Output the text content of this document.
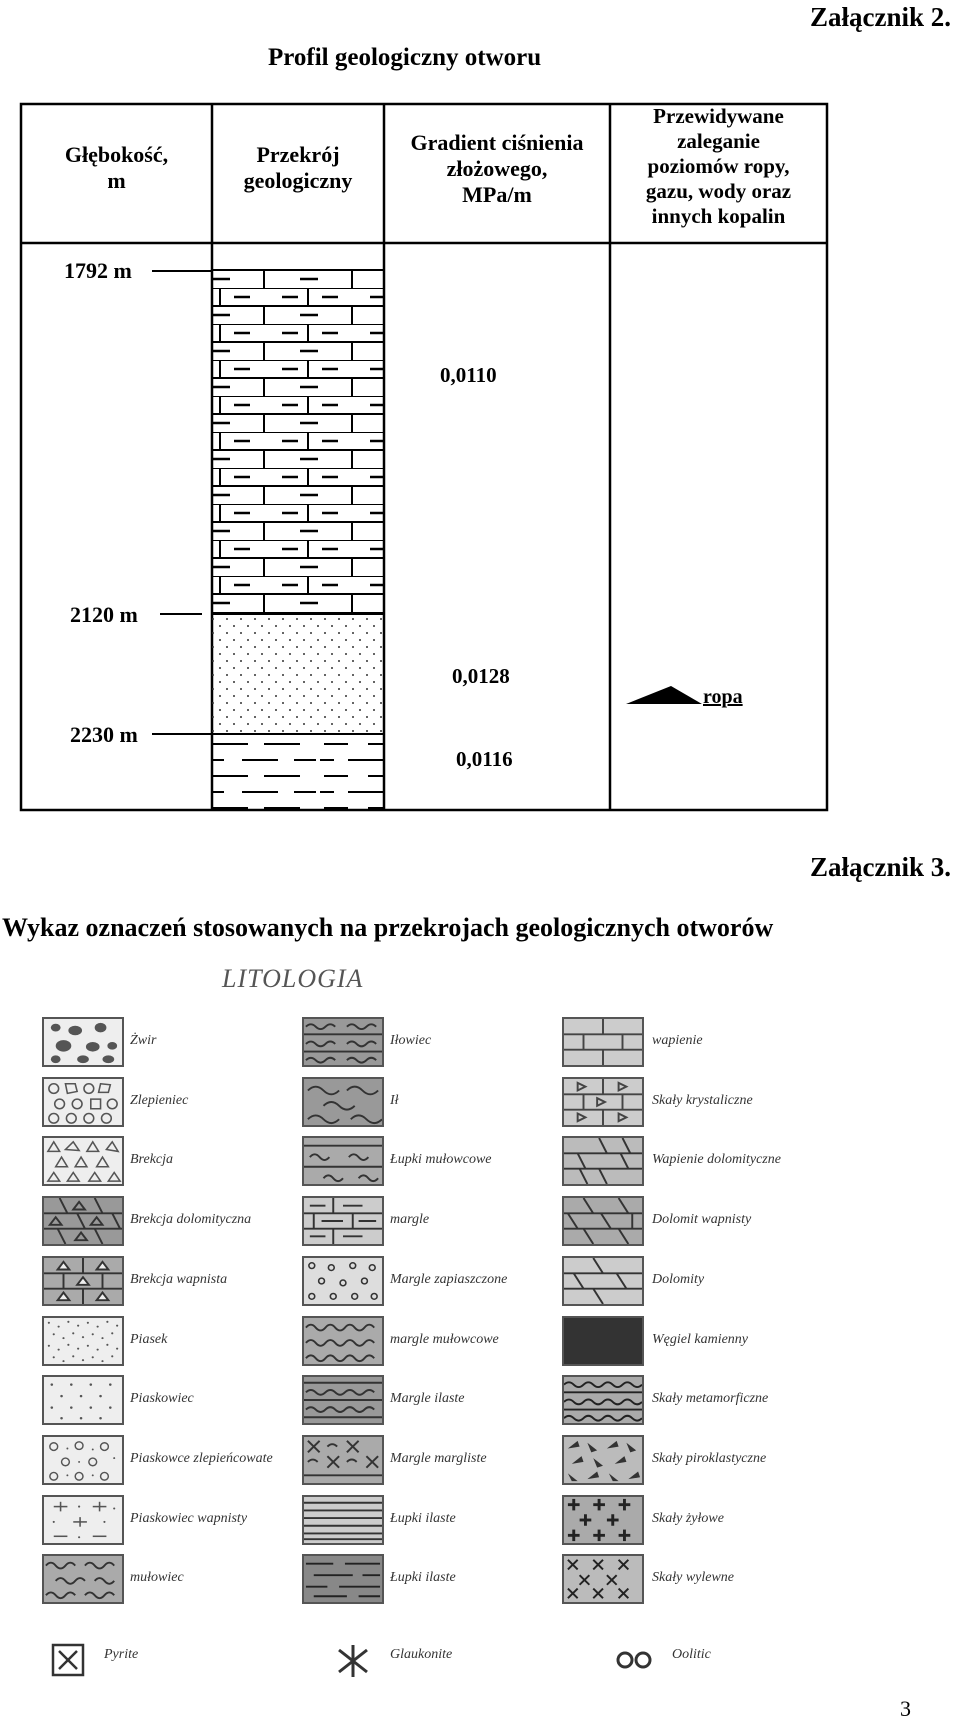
Załącznik 2.
Profil geologiczny otworu
Głębokość,
m
Przekrój
geologiczny
Gradient ciśnienia
złożowego,
MPa/m
Przewidywane
zaleganie
poziomów ropy,
gazu, wody oraz
innych kopalin
1792 m
2120 m
2230 m
0,0110
0,0128
0,0116
ropa
Załącznik 3.
Wykaz oznaczeń stosowanych na przekrojach geologicznych otworów
LITOLOGIA
Żwir
Zlepieniec
Brekcja
Brekcja dolomityczna
Brekcja wapnista
Piasek
Piaskowiec
Piaskowce zlepieńcowate
Piaskowiec wapnisty
mułowiec
Iłowiec
Ił
Łupki mułowcowe
margle
Margle zapiaszczone
margle mułowcowe
Margle ilaste
Margle margliste
Łupki ilaste
Łupki ilaste
wapienie
Skały krystaliczne
Wapienie dolomityczne
Dolomit wapnisty
Dolomity
Węgiel kamienny
Skały metamorficzne
Skały piroklastyczne
Skały żyłowe
Skały wylewne
Pyrite	Glaukonite	Oolitic
3
